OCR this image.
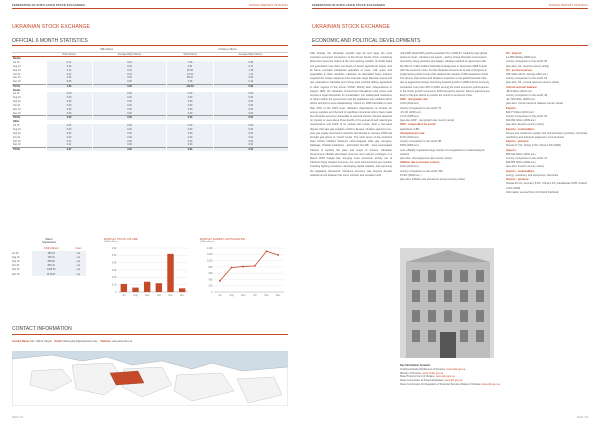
FEDERATION OF EURO-ASIAN STOCK EXCHANGES	ANNUAL REPORT 2010/2011
UKRAINIAN STOCK EXCHANGE
OFFICIAL 6 MONTH STATISTICS
	US$ millions		# Shares millions	
	Total Volume	Average Daily Volume	Total Volume	Average Daily Volume
Stocks				
Jul 10	0.11	0.01	7.28	0.35
Aug 10	0.06	0.00	3.81	0.17
Sep 10	0.14	0.01	26.05	1.18
Oct 10	0.12	0.01	23.22	1.11
Nov 10	0.52	0.02	58.61	2.66
Dec 10	0.05	0.00	3.56	0.16
TOTAL	1.00	0.05	122.53	5.63
Bonds				
Jul 10	0.00	0.00	0.00	0.00
Aug 10	0.00	0.00	0.00	0.00
Sep 10	0.00	0.00	0.00	0.00
Oct 10	0.00	0.00	0.00	0.00
Nov 10	0.00	0.00	0.00	0.00
Dec 10	0.00	0.00	0.00	0.00
TOTAL	0.00	0.00	0.00	0.00
Other				
Jul 10	0.01	0.00	0.00	0.00
Aug 10	0.00	0.00	0.00	0.00
Sep 10	0.03	0.00	0.00	0.00
Oct 10	0.00	0.00	0.00	0.00
Nov 10	0.01	0.00	0.00	0.00
Dec 10	0.02	0.00	0.00	0.00
TOTAL	0.07	0.00	0.00	0.00
Market
Capitalization
	(US$ millions)	Index
Jul 10	355.23	n/a
Aug 10	780.51	n/a
Sep 10	808.80	n/a
Oct 10	830.32	n/a
Nov 10	1295.92	n/a
Dec 10	1175.87	n/a
MONTHLY STOCK VOLUME
(US$ millions)
0
0.10
0.20
0.30
0.40
0.50
0.60
Jul	Aug	Sep	Oct	Nov	Dec
MONTHLY MARKET CAPITALIZATION
(US$ millions)
0
200
400
600
800
1000
1200
1400
Jul	Aug	Sep	Oct	Nov	Dec
CONTACT INFORMATION
Contact Name: Mrs. Halina Yakyuk Email: halina.yakyuk@ukrstockex.com Website: www.ukrse.kiev.ua
FEAS 4.24
FEDERATION OF EURO-ASIAN STOCK EXCHANGES	ANNUAL REPORT 2010/2011
UKRAINIAN STOCK EXCHANGE
ECONOMIC AND POLITICAL DEVELOPMENTS
After Russia, the Ukrainian republic was far and away the most important economic component of the former Soviet Union, producing about four times the output of the next-ranking republic. Its fertile black soil generated more than one-fourth of Soviet agricultural output, and its farms provided substantial quantities of meat, milk, grain, and vegetables to other republics. Likewise, its diversified heavy industry supplied the unique equipment (for example, large diameter pipes) and raw materials to industrial and mining sites (vertical drilling apparatus) in other regions of the former USSR. Shortly after independence in August 1991, the Ukrainian Government liberalized most prices and erected a legal framework for privatization, but widespread resistance to reform within the government and the legislature soon stalled reform efforts and led to some backtracking. Output by 1999 had fallen to less than 40% of the 1991 level. Ukraine's dependence on Russia for energy supplies and the lack of significant structural reform have made the Ukrainian economy vulnerable to external shocks. Ukraine depends on imports to meet about three-fourths of its annual oil and natural gas requirements and 100% of its nuclear fuel needs. After a two-week dispute that saw gas supplies cutoff to Europe, Ukraine agreed to ten-year gas supply and transit contracts with Russia in January 2009 that brought gas prices to "world" levels. The strict terms of the contracts have further hobbled Ukraine's cash-strapped state gas company, Naftogaz. Outside institutions - particularly the IMF - have encouraged Ukraine to quicken the pace and scope of reforms. Ukrainian Government officials eliminated most tax and customs privileges in a March 2005 budget law, bringing more economic activity out of Ukraine's large shadow economy, but more improvements are needed, including fighting corruption, developing capital markets, and improving the legislative framework. Ukraine's economy was buoyant despite political turmoil between the prime minister and president until
mid-2008. Real GDP growth exceeded 7% in 2006-07, fueled by high global prices for steel - Ukraine's top export - and by strong domestic consumption, spurred by rising pensions and wages. Ukraine reached an agreement with the IMF for a $16.4 billion Stand-By Arrangement in November 2008 to deal with the economic crisis, but the Ukrainian Government's lack of progress in implementing reforms has twice delayed the release of IMF assistance funds. The drop in steel prices and Ukraine's exposure to the global financial crisis due to aggressive foreign borrowing lowered growth in 2008 and the economy contracted more than 15% in 2009, among the worst economic performances in the world; growth resumed in 2010 buoyed by exports. Recent elections are likely to hamper efforts to resolve the country's economic crisis.
GDP - real growth rate:
4.2% (2010 est.)
country comparison to the world: 79
-15.1% (2009 est.)
2.1% (2008 est.)
[see also GDP - real growth rate country ranks]
GDP - composition by sector:
agriculture: 9.8%
Unemployment rate:
8.4% (2010 est.)
country comparison to the world: 88
8.8% (2009 est.)
note: officially registered; large number of unregistered or underemployed workers
[see also: Unemployment rate country ranks]
Inflation rate (consumer prices):
9.4% (2010 est.)
country comparison to the world: 196
15.9% (2009 est.)
[see also: Inflation rate (consumer prices) country ranks]
Oil - imports:
14,180 bbl/day (2009 est.)
country comparison to the world: 66
[see also: Oil - imports country ranks]
Oil - proved reserves:
395 million bbl (1 January 2010 est.)
country comparison to the world: 54
[see also: Oil - proved reserves country ranks]
Current account balance:
-$6.9 billion (2010 est.)
country comparison to the world: 49
-$1.732 billion (2009 est.)
[see also: Current account balance country ranks]
Exports:
$49.77 billion (2010 est.)
country comparison to the world: 54
$40.394 billion (2009 est.)
[see also: Exports country ranks]
Exports - commodities:
ferrous and nonferrous metals, fuel and petroleum products, chemicals, machinery and transport equipment, food products
Exports - partners:
Russia 27.1%, Turkey 6.4%, China 3.6% (2009)
Imports:
$55.944 billion (2010 est.)
country comparison to the world: 47
$44.956 billion (2009 est.)
[see also: Imports country ranks]
Imports - commodities:
energy, machinery and equipment, chemicals
Imports - partners:
Russia 29.1%, Germany 8.5%, China 6.1%, Kazakhstan 5.8%, Poland 4.9% (2009)
Information sourced from CIA World Factbook
Key Information Contacts
Verkhovna Rada (Parliament of Ukraine): www.rada.gov.ua
Ministry of Finance: www.minfin.gov.ua
State Property Fund of Ukraine: www.spfu.gov.ua
State Commission of Financial Markets: www.dfp.gov.ua
State Commission for Regulation of Financial Services Market of Ukraine: www.dfp.gov.ua
FEAS 4.25
